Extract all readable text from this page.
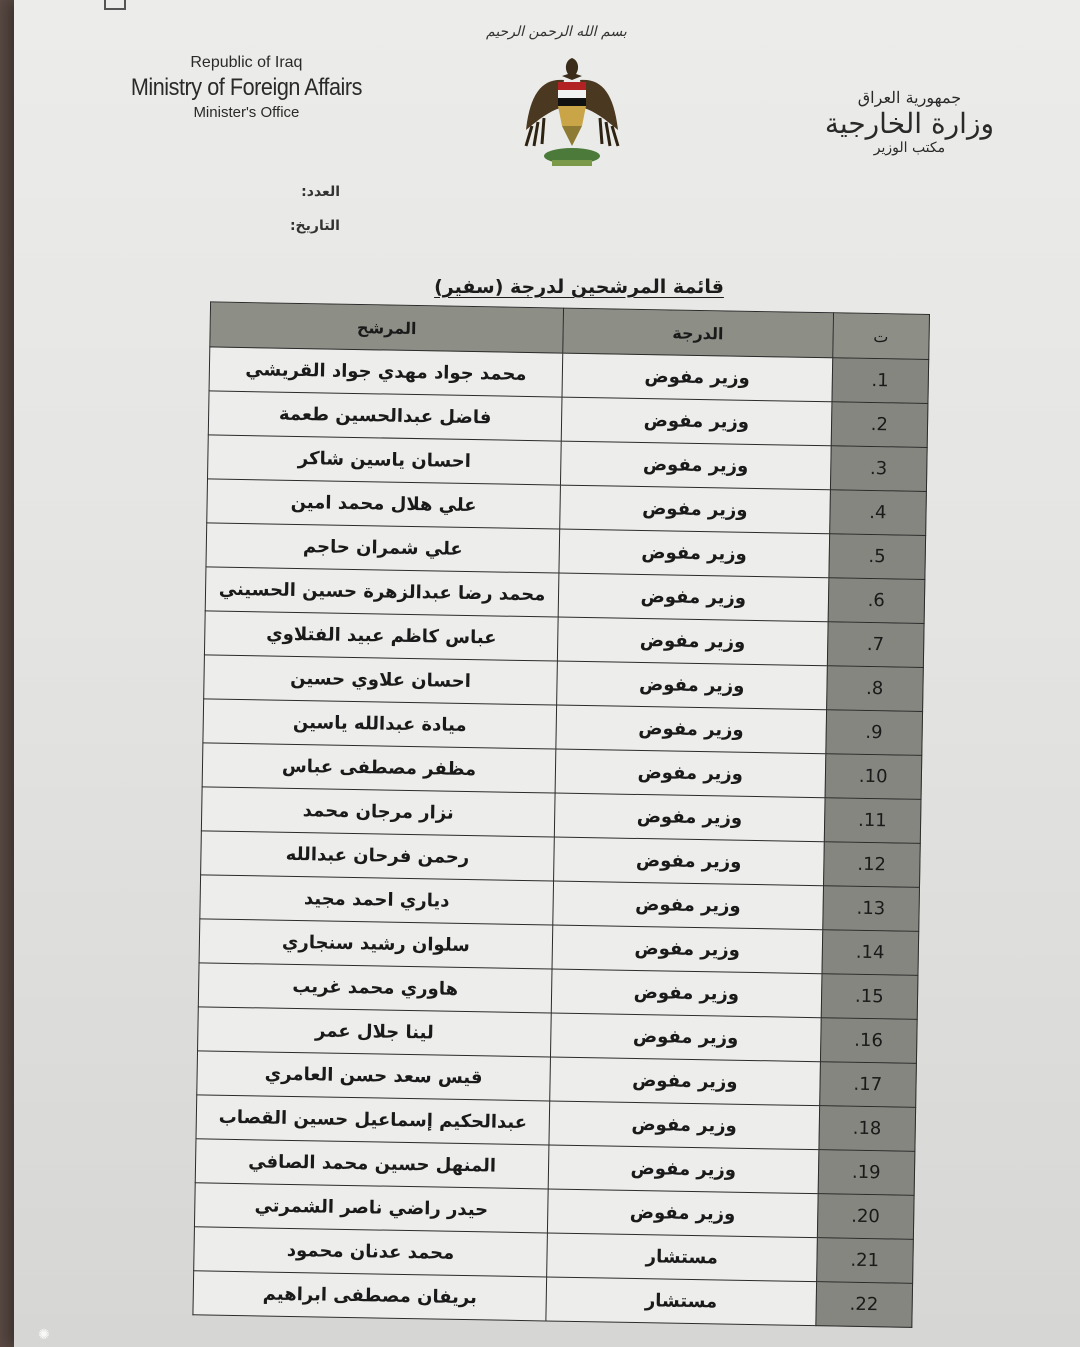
بسم الله الرحمن الرحيم
Republic of Iraq
Ministry of Foreign Affairs
Minister's Office
جمهورية العراق
وزارة الخارجية
مكتب الوزير
العدد:
التاريخ:
قائمة المرشحين لدرجة (سفير)
ت	الدرجة	المرشح
1.	وزير مفوض	محمد جواد مهدي جواد القريشي
2.	وزير مفوض	فاضل عبدالحسين طعمة
3.	وزير مفوض	احسان ياسين شاكر
4.	وزير مفوض	علي هلال محمد امين
5.	وزير مفوض	علي شمران حاجم
6.	وزير مفوض	محمد رضا عبدالزهرة حسين الحسيني
7.	وزير مفوض	عباس كاظم عبيد الفتلاوي
8.	وزير مفوض	احسان علاوي حسين
9.	وزير مفوض	ميادة عبدالله ياسين
10.	وزير مفوض	مظفر مصطفى عباس
11.	وزير مفوض	نزار مرجان محمد
12.	وزير مفوض	رحمن فرحان عبدالله
13.	وزير مفوض	دياري احمد مجيد
14.	وزير مفوض	سلوان رشيد سنجاري
15.	وزير مفوض	هاوري محمد غريب
16.	وزير مفوض	لينا جلال عمر
17.	وزير مفوض	قيس سعد حسن العامري
18.	وزير مفوض	عبدالحكيم إسماعيل حسين القصاب
19.	وزير مفوض	المنهل حسين محمد الصافي
20.	وزير مفوض	حيدر راضي ناصر الشمرتي
21.	مستشار	محمد عدنان محمود
22.	مستشار	بريفان مصطفى ابراهيم
✺
